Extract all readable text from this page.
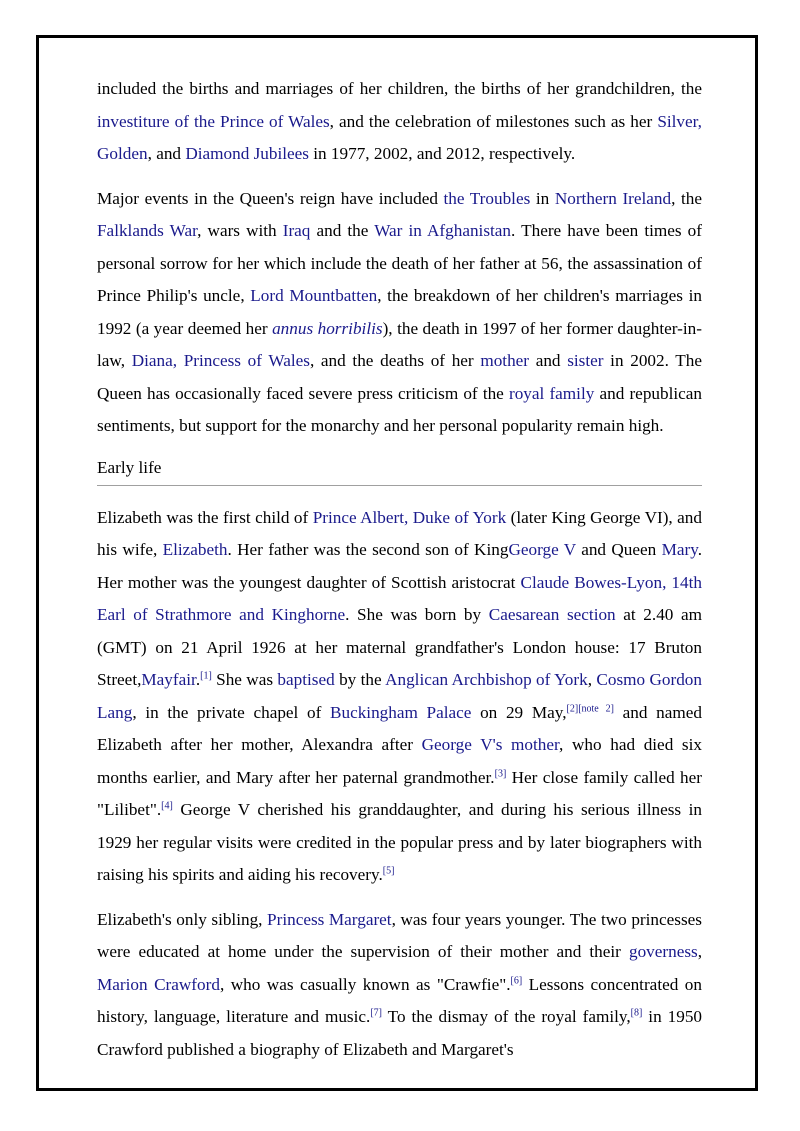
included the births and marriages of her children, the births of her grandchildren, the investiture of the Prince of Wales, and the celebration of milestones such as her Silver, Golden, and Diamond Jubilees in 1977, 2002, and 2012, respectively.

Major events in the Queen's reign have included the Troubles in Northern Ireland, the Falklands War, wars with Iraq and the War in Afghanistan. There have been times of personal sorrow for her which include the death of her father at 56, the assassination of Prince Philip's uncle, Lord Mountbatten, the breakdown of her children's marriages in 1992 (a year deemed her annus horribilis), the death in 1997 of her former daughter-in-law, Diana, Princess of Wales, and the deaths of her mother and sister in 2002. The Queen has occasionally faced severe press criticism of the royal family and republican sentiments, but support for the monarchy and her personal popularity remain high.

Early life

Elizabeth was the first child of Prince Albert, Duke of York (later King George VI), and his wife, Elizabeth. Her father was the second son of KingGeorge V and Queen Mary. Her mother was the youngest daughter of Scottish aristocrat Claude Bowes-Lyon, 14th Earl of Strathmore and Kinghorne. She was born by Caesarean section at 2.40 am (GMT) on 21 April 1926 at her maternal grandfather's London house: 17 Bruton Street,Mayfair.[1] She was baptised by the Anglican Archbishop of York, Cosmo Gordon Lang, in the private chapel of Buckingham Palace on 29 May,[2][note 2] and named Elizabeth after her mother, Alexandra after George V's mother, who had died six months earlier, and Mary after her paternal grandmother.[3] Her close family called her "Lilibet".[4] George V cherished his granddaughter, and during his serious illness in 1929 her regular visits were credited in the popular press and by later biographers with raising his spirits and aiding his recovery.[5]

Elizabeth's only sibling, Princess Margaret, was four years younger. The two princesses were educated at home under the supervision of their mother and their governess, Marion Crawford, who was casually known as "Crawfie".[6] Lessons concentrated on history, language, literature and music.[7] To the dismay of the royal family,[8] in 1950 Crawford published a biography of Elizabeth and Margaret's
